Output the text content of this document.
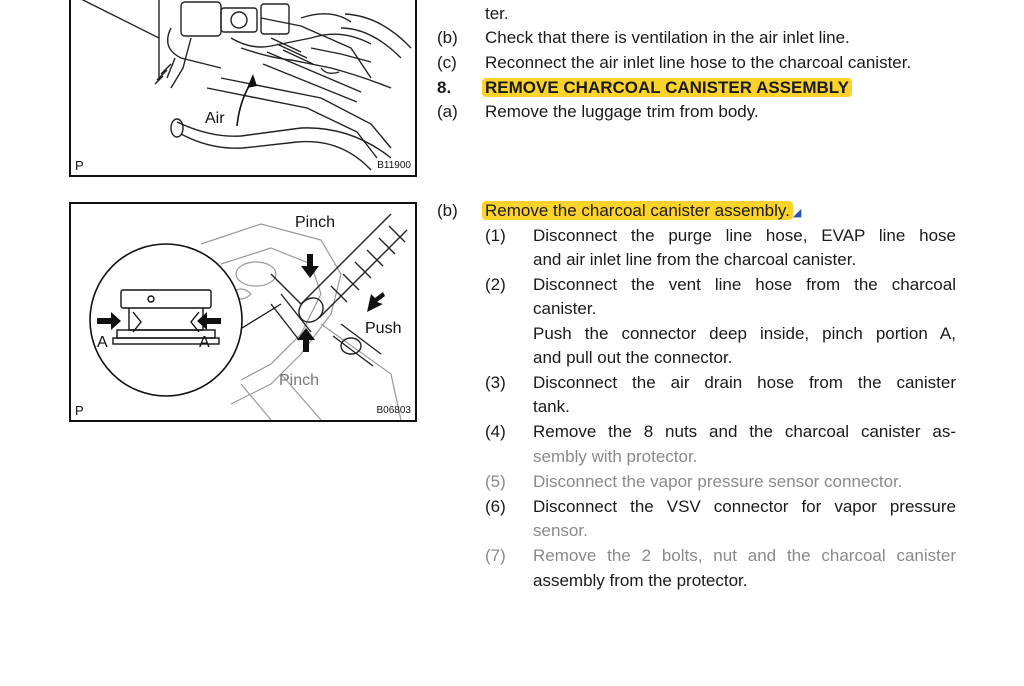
Air
P	B11900
Pinch
Pinch
Push
A	A
P	B06803
ter.
(b) Check that there is ventilation in the air inlet line.
(c) Reconnect the air inlet line hose to the charcoal canister.
8. REMOVE CHARCOAL CANISTER ASSEMBLY
(a) Remove the luggage trim from body.
(b) Remove the charcoal canister assembly. ◢
(1) Disconnect the purge line hose, EVAP line hose
and air inlet line from the charcoal canister.
(2) Disconnect the vent line hose from the charcoal
canister.
Push the connector deep inside, pinch portion A,
and pull out the connector.
(3) Disconnect the air drain hose from the canister
tank.
(4) Remove the 8 nuts and the charcoal canister as-
sembly with protector.
(5) Disconnect the vapor pressure sensor connector.
(6) Disconnect the VSV connector for vapor pressure
sensor.
(7) Remove the 2 bolts, nut and the charcoal canister
assembly from the protector.
